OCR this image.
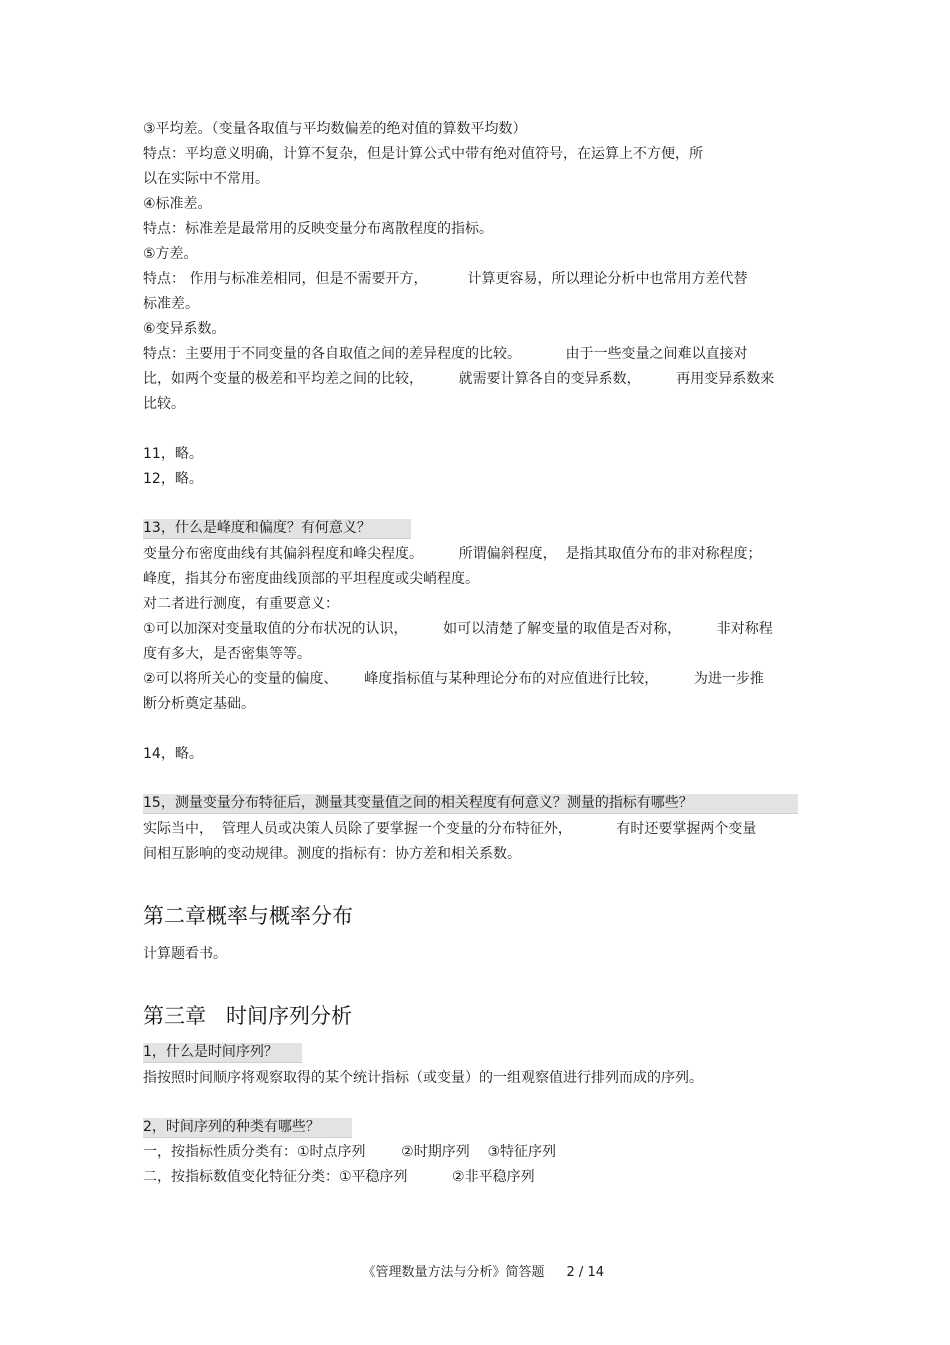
③平均差。（变量各取值与平均数偏差的绝对值的算数平均数）
特点：平均意义明确，计算不复杂，但是计算公式中带有绝对值符号，在运算上不方便，所
以在实际中不常用。
④标准差。
特点：标准差是最常用的反映变量分布离散程度的指标。
⑤方差。
特点： 作用与标准差相同，但是不需要开方，         计算更容易，所以理论分析中也常用方差代替
标准差。
⑥变异系数。
特点：主要用于不同变量的各自取值之间的差异程度的比较。          由于一些变量之间难以直接对
比，如两个变量的极差和平均差之间的比较，        就需要计算各自的变异系数，        再用变异系数来
比较。
11，略。
12，略。
13，什么是峰度和偏度？有何意义？
变量分布密度曲线有其偏斜程度和峰尖程度。        所谓偏斜程度，  是指其取值分布的非对称程度；
峰度，指其分布密度曲线顶部的平坦程度或尖峭程度。
对二者进行测度，有重要意义：
①可以加深对变量取值的分布状况的认识，        如可以清楚了解变量的取值是否对称，        非对称程
度有多大，是否密集等等。
②可以将所关心的变量的偏度、      峰度指标值与某种理论分布的对应值进行比较，        为进一步推
断分析奠定基础。
14，略。
15，测量变量分布特征后，测量其变量值之间的相关程度有何意义？测量的指标有哪些？
实际当中，  管理人员或决策人员除了要掌握一个变量的分布特征外，          有时还要掌握两个变量
间相互影响的变动规律。测度的指标有：协方差和相关系数。
第二章概率与概率分布
计算题看书。
第三章   时间序列分析
1，什么是时间序列？
指按照时间顺序将观察取得的某个统计指标（或变量）的一组观察值进行排列而成的序列。
2，时间序列的种类有哪些？
一，按指标性质分类有：①时点序列        ②时期序列    ③特征序列
二，按指标数值变化特征分类：①平稳序列          ②非平稳序列

《管理数量方法与分析》简答题 2 / 14
